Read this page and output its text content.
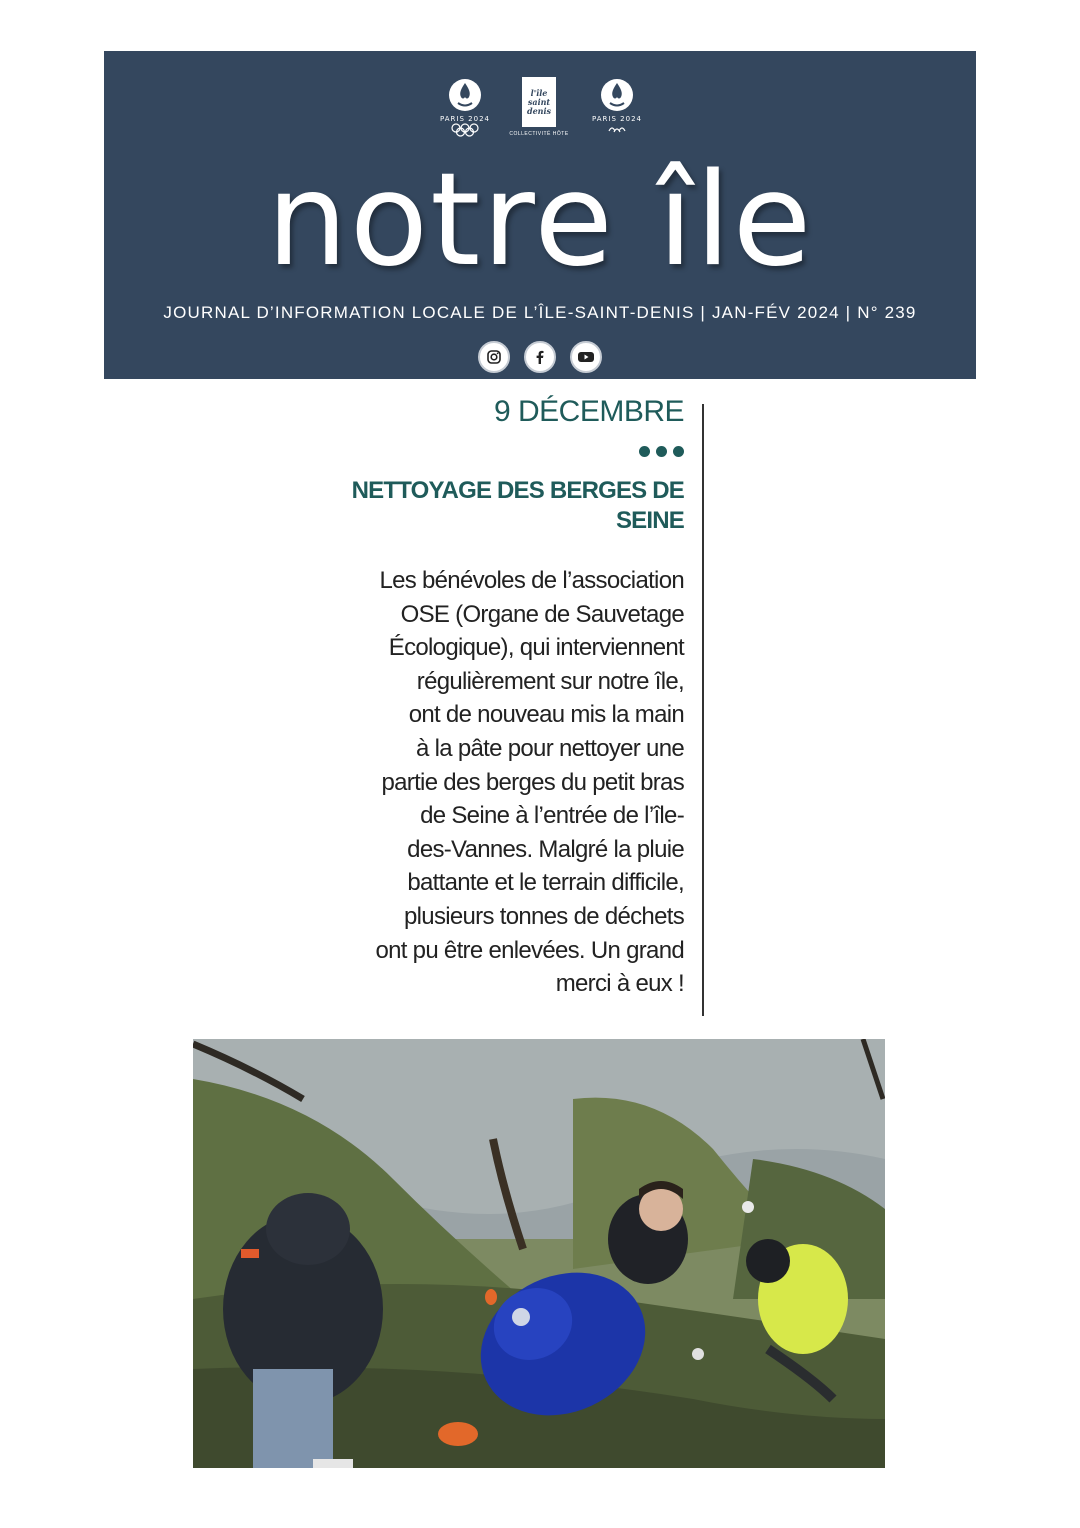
PARIS 2024
l'île saint denis
COLLECTIVITÉ HÔTE
PARIS 2024
notre île
JOURNAL D’INFORMATION LOCALE DE L’ÎLE-SAINT-DENIS | JAN-FÉV 2024 | N° 239
9 DÉCEMBRE
NETTOYAGE DES BERGES DE
SEINE
Les bénévoles de l’association
OSE (Organe de Sauvetage
Écologique), qui interviennent
régulièrement sur notre île,
ont de nouveau mis la main
à la pâte pour nettoyer une
partie des berges du petit bras
de Seine à l’entrée de l’île-
des-Vannes. Malgré la pluie
battante et le terrain difficile,
plusieurs tonnes de déchets
ont pu être enlevées. Un grand
merci à eux !
